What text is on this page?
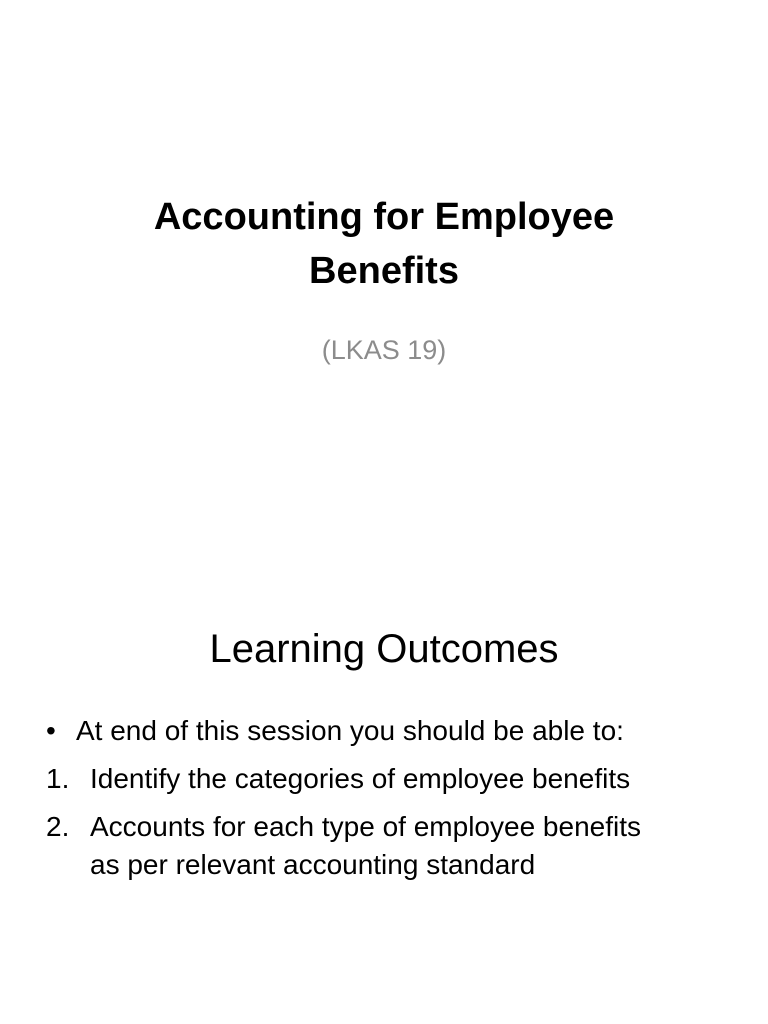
Accounting for Employee
Benefits

(LKAS 19)

Learning Outcomes
• At end of this session you should be able to:
1. Identify the categories of employee benefits
2. Accounts for each type of employee benefits
as per relevant accounting standard
